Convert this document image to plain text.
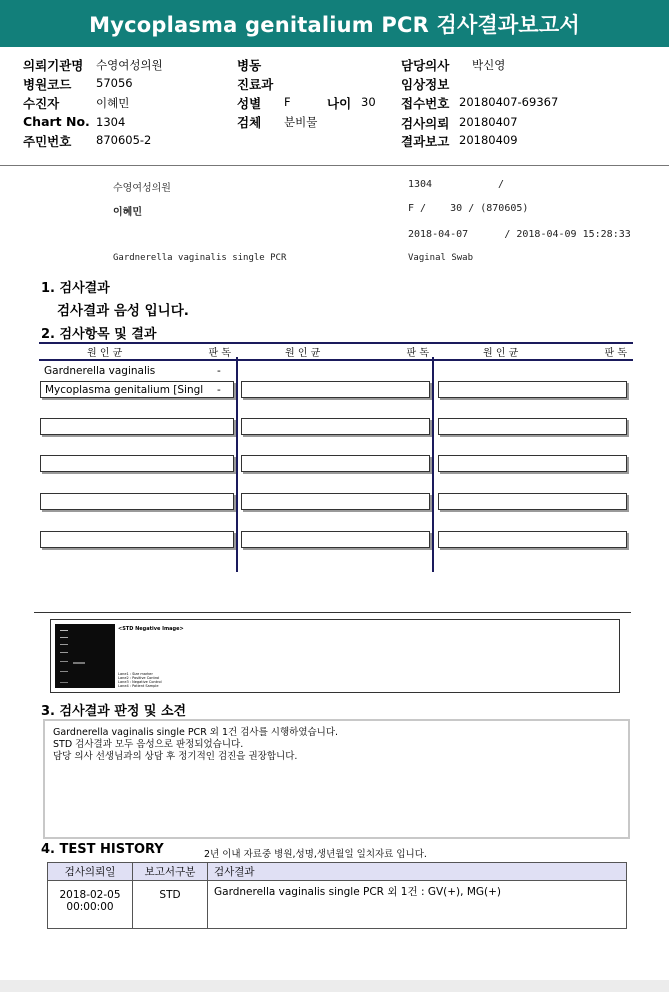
Mycoplasma genitalium PCR 검사결과보고서
의뢰기관명 수영여성의원
병원코드 57056
수진자	이혜민
Chart No. 1304
주민번호 870605-2
병동
진료과
성별 F	나이 30
검체 분비물
담당의사 박신영
임상정보
접수번호 20180407-69367
검사의뢰 20180407
결과보고 20180409
수영여성의원	1304	/
이혜민	F /    30 / (870605)
2018-04-07      / 2018-04-09 15:28:33
Gardnerella vaginalis single PCR	Vaginal Swab
1. 검사결과
검사결과 음성 입니다.
2. 검사항목 및 결과
원 인 균	판 독	원 인 균	판 독	원 인 균	판 독
Gardnerella vaginalis	-
Mycoplasma genitalium [Singl -
<STD Negative Image>
Lane1 : Size marker
Lane2 : Positive Control
Lane3 : Negative Control
Lane4 : Patient Sample
3. 검사결과 판정 및 소견
Gardnerella vaginalis single PCR 외 1건 검사를 시행하였습니다.
STD 검사결과 모두 음성으로 판정되었습니다.
담당 의사 선생님과의 상담 후 정기적인 검진을 권장합니다.
4. TEST HISTORY	2년 이내 자료중 병원,성명,생년월일 일치자료 입니다.
검사의뢰일	보고서구분	검사결과

2018-02-05
00:00:00	STD	Gardnerella vaginalis single PCR 외 1건 : GV(+), MG(+)
